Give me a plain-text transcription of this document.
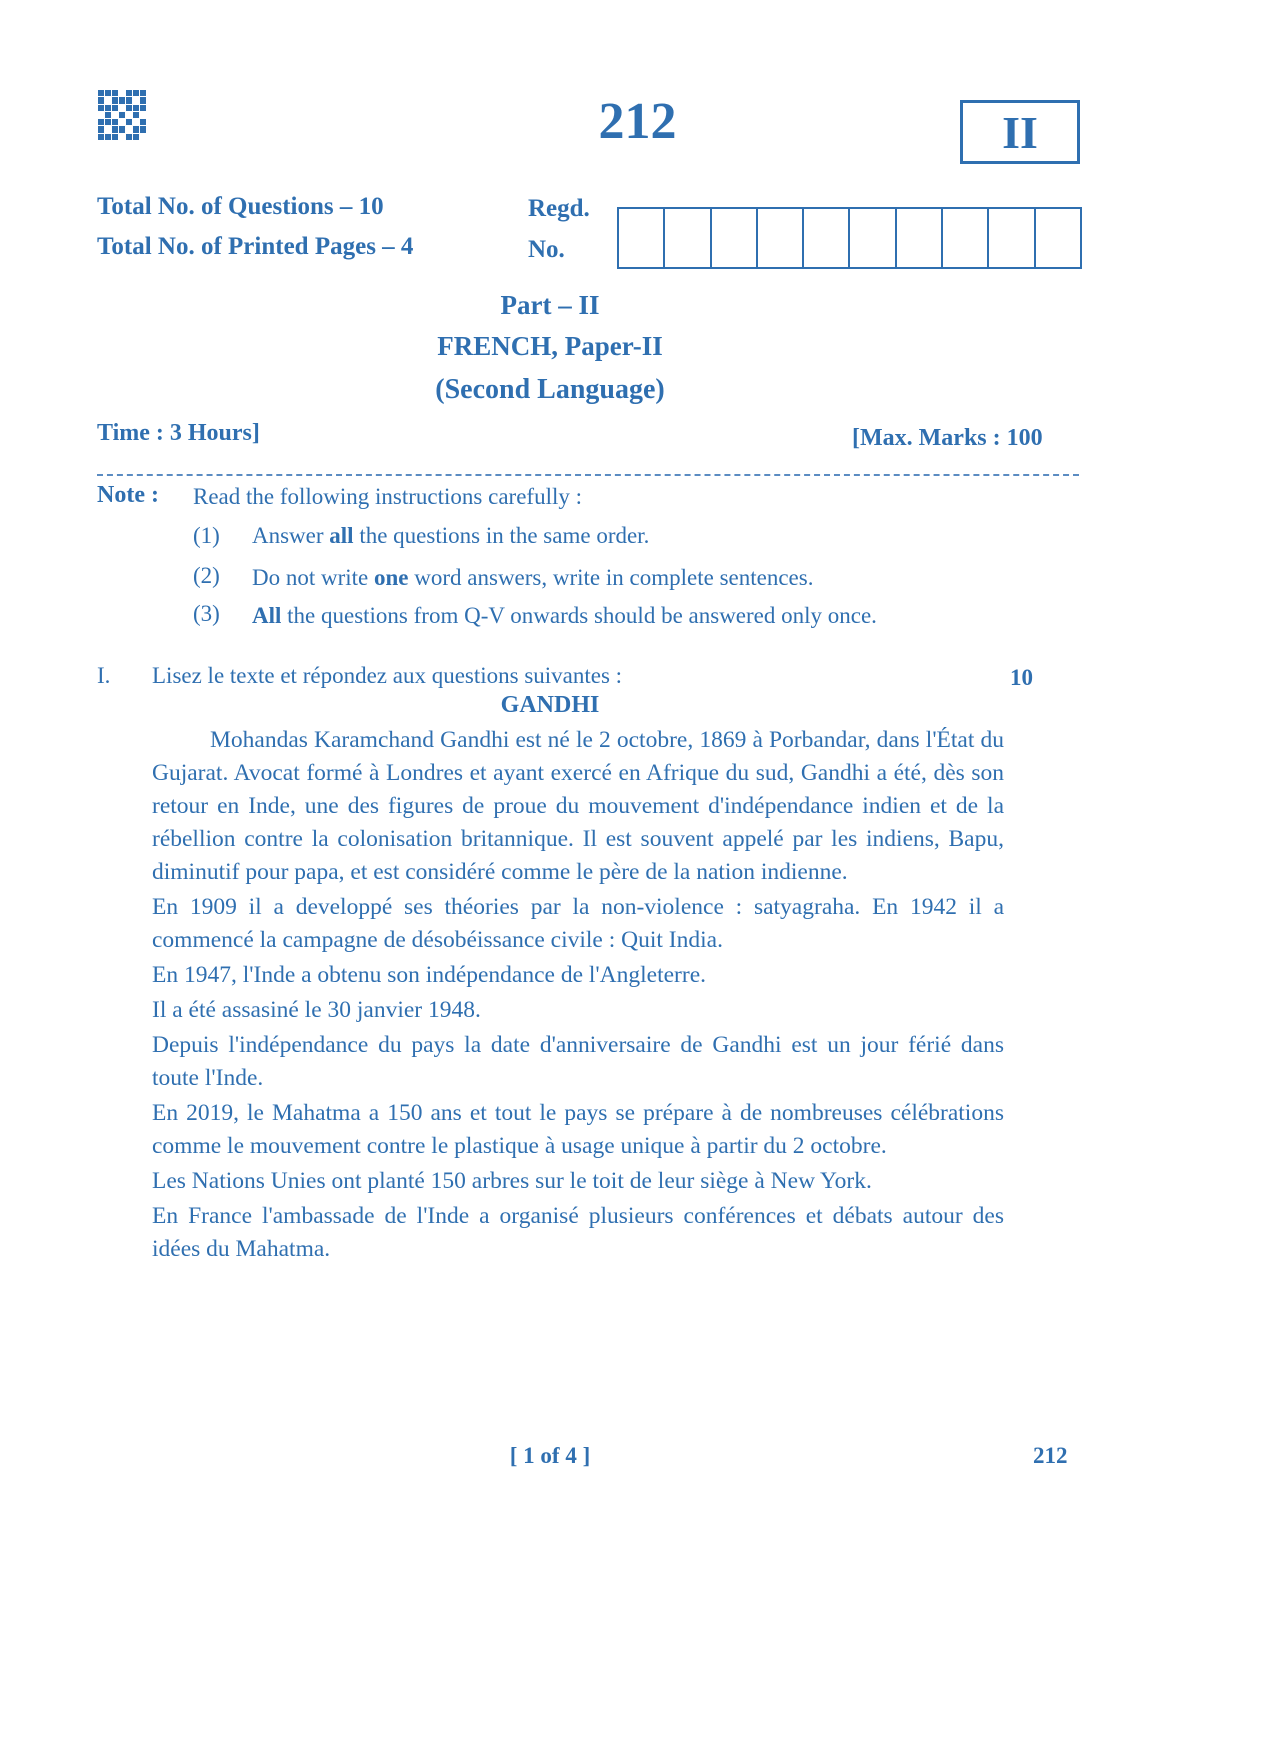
212	II
Total No. of Questions – 10
Total No. of Printed Pages – 4
Regd.
No.
Part – II
FRENCH, Paper-II
(Second Language)
Time : 3 Hours]	[Max. Marks : 100
Note : Read the following instructions carefully :
(1) Answer all the questions in the same order.
(2) Do not write one word answers, write in complete sentences.
(3) All the questions from Q-V onwards should be answered only once.
I. Lisez le texte et répondez aux questions suivantes :	10
GANDHI

Mohandas Karamchand Gandhi est né le 2 octobre, 1869 à Porbandar, dans l'État du Gujarat. Avocat formé à Londres et ayant exercé en Afrique du sud, Gandhi a été, dès son retour en Inde, une des figures de proue du mouvement d'indépendance indien et de la rébellion contre la colonisation britannique. Il est souvent appelé par les indiens, Bapu, diminutif pour papa, et est considéré comme le père de la nation indienne.

En 1909 il a developpé ses théories par la non-violence : satyagraha. En 1942 il a commencé la campagne de désobéissance civile : Quit India.

En 1947, l'Inde a obtenu son indépendance de l'Angleterre.

Il a été assasiné le 30 janvier 1948.

Depuis l'indépendance du pays la date d'anniversaire de Gandhi est un jour férié dans toute l'Inde.

En 2019, le Mahatma a 150 ans et tout le pays se prépare à de nombreuses célébrations comme le mouvement contre le plastique à usage unique à partir du 2 octobre.

Les Nations Unies ont planté 150 arbres sur le toit de leur siège à New York.

En France l'ambassade de l'Inde a organisé plusieurs conférences et débats autour des idées du Mahatma.

[ 1 of 4 ]	212
